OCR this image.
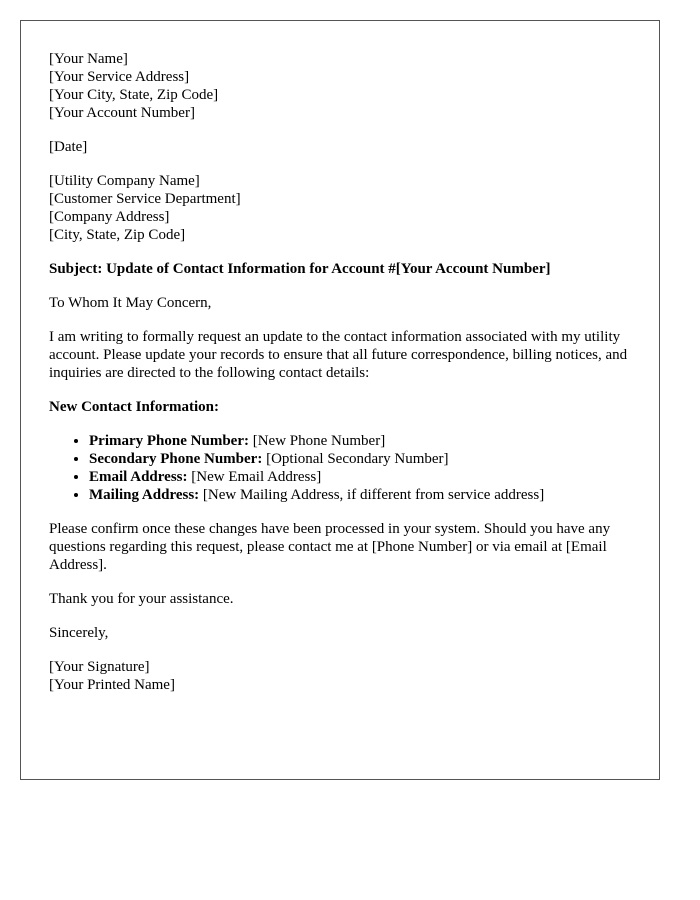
[Your Name]
[Your Service Address]
[Your City, State, Zip Code]
[Your Account Number]
[Date]
[Utility Company Name]
[Customer Service Department]
[Company Address]
[City, State, Zip Code]
Subject: Update of Contact Information for Account #[Your Account Number]

To Whom It May Concern,

I am writing to formally request an update to the contact information associated with my utility account. Please update your records to ensure that all future correspondence, billing notices, and inquiries are directed to the following contact details:

New Contact Information:
• Primary Phone Number: [New Phone Number]
• Secondary Phone Number: [Optional Secondary Number]
• Email Address: [New Email Address]
• Mailing Address: [New Mailing Address, if different from service address]

Please confirm once these changes have been processed in your system. Should you have any questions regarding this request, please contact me at [Phone Number] or via email at [Email Address].

Thank you for your assistance.

Sincerely,

[Your Signature]
[Your Printed Name]
